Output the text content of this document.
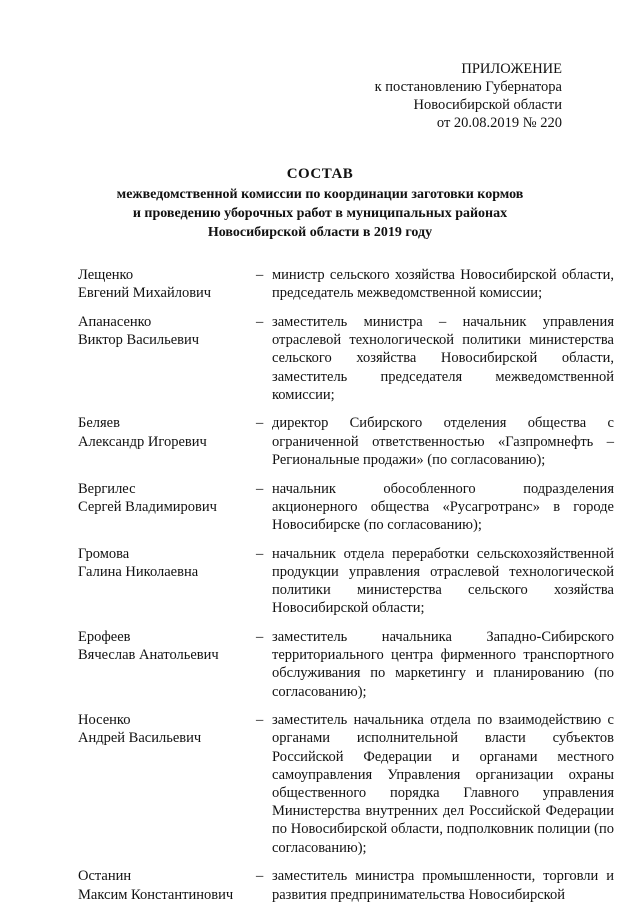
ПРИЛОЖЕНИЕ
к постановлению Губернатора
Новосибирской области
от 20.08.2019 № 220
СОСТАВ
межведомственной комиссии по координации заготовки кормов
и проведению уборочных работ в муниципальных районах
Новосибирской области в 2019 году
Лещенко
Евгений Михайлович
– министр сельского хозяйства Новосибирской области, председатель межведомственной комиссии;
Апанасенко
Виктор Васильевич
– заместитель министра – начальник управления отраслевой технологической политики министерства сельского хозяйства Новосибирской области, заместитель председателя межведомственной комиссии;
Беляев
Александр Игоревич
– директор Сибирского отделения общества с ограниченной ответственностью «Газпромнефть – Региональные продажи» (по согласованию);
Вергилес
Сергей Владимирович
– начальник обособленного подразделения акционерного общества «Русагротранс» в городе Новосибирске (по согласованию);
Громова
Галина Николаевна
– начальник отдела переработки сельскохозяйственной продукции управления отраслевой технологической политики министерства сельского хозяйства Новосибирской области;
Ерофеев
Вячеслав Анатольевич
– заместитель начальника Западно-Сибирского территориального центра фирменного транспортного обслуживания по маркетингу и планированию (по согласованию);
Носенко
Андрей Васильевич
– заместитель начальника отдела по взаимодействию с органами исполнительной власти субъектов Российской Федерации и органами местного самоуправления Управления организации охраны общественного порядка Главного управления Министерства внутренних дел Российской Федерации по Новосибирской области, подполковник полиции (по согласованию);
Останин
Максим Константинович
– заместитель министра промышленности, торговли и развития предпринимательства Новосибирской
